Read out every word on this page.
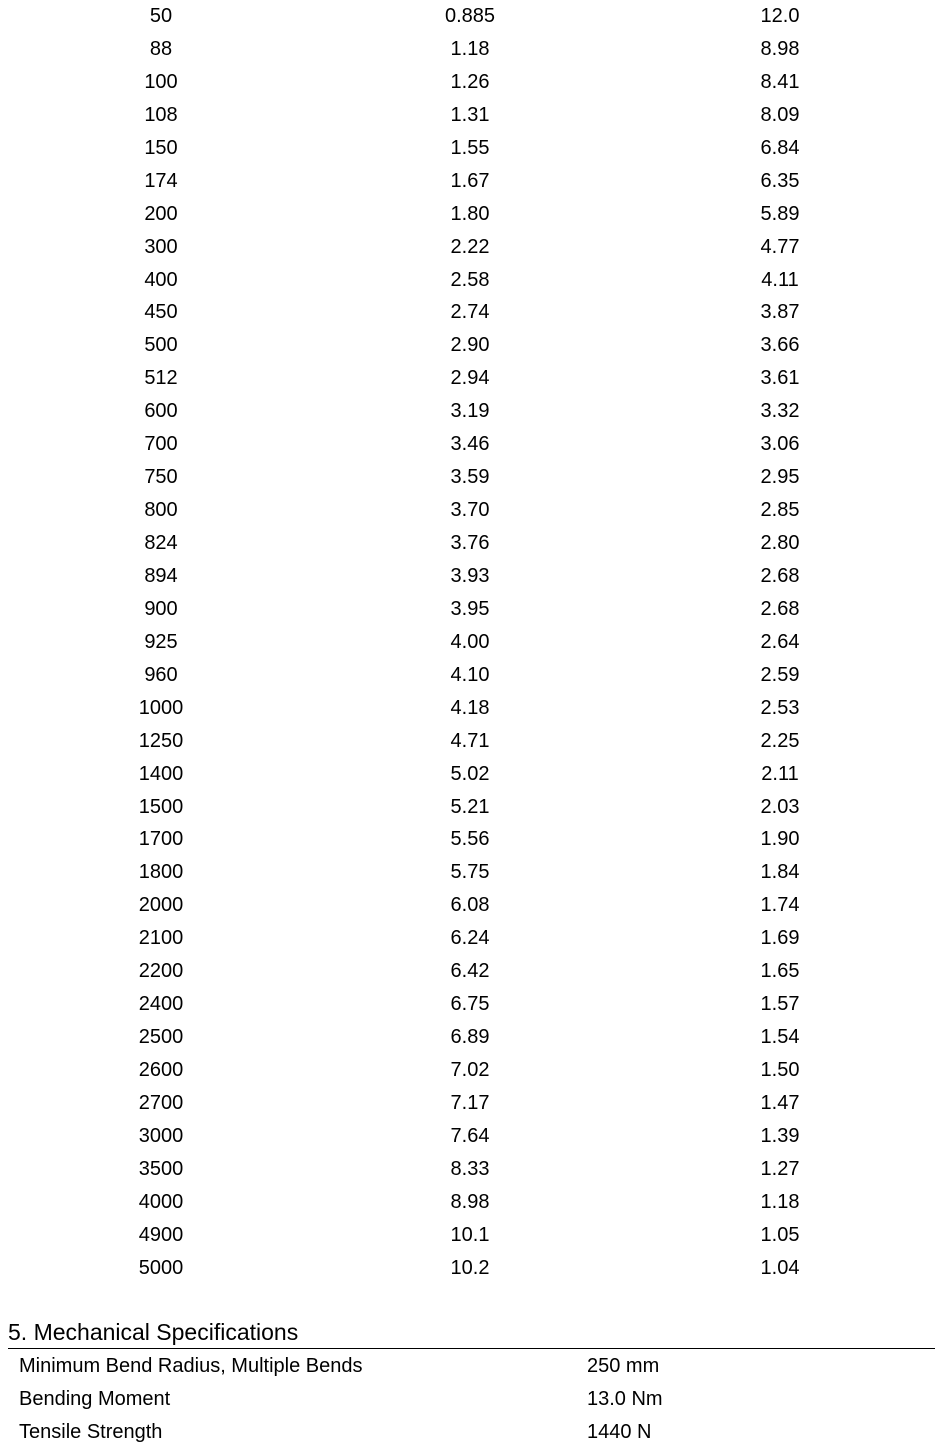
50	0.885	12.0
88	1.18	8.98
100	1.26	8.41
108	1.31	8.09
150	1.55	6.84
174	1.67	6.35
200	1.80	5.89
300	2.22	4.77
400	2.58	4.11
450	2.74	3.87
500	2.90	3.66
512	2.94	3.61
600	3.19	3.32
700	3.46	3.06
750	3.59	2.95
800	3.70	2.85
824	3.76	2.80
894	3.93	2.68
900	3.95	2.68
925	4.00	2.64
960	4.10	2.59
1000	4.18	2.53
1250	4.71	2.25
1400	5.02	2.11
1500	5.21	2.03
1700	5.56	1.90
1800	5.75	1.84
2000	6.08	1.74
2100	6.24	1.69
2200	6.42	1.65
2400	6.75	1.57
2500	6.89	1.54
2600	7.02	1.50
2700	7.17	1.47
3000	7.64	1.39
3500	8.33	1.27
4000	8.98	1.18
4900	10.1	1.05
5000	10.2	1.04
5. Mechanical Specifications
Minimum Bend Radius, Multiple Bends	250 mm
Bending Moment	13.0 Nm
Tensile Strength	1440 N
